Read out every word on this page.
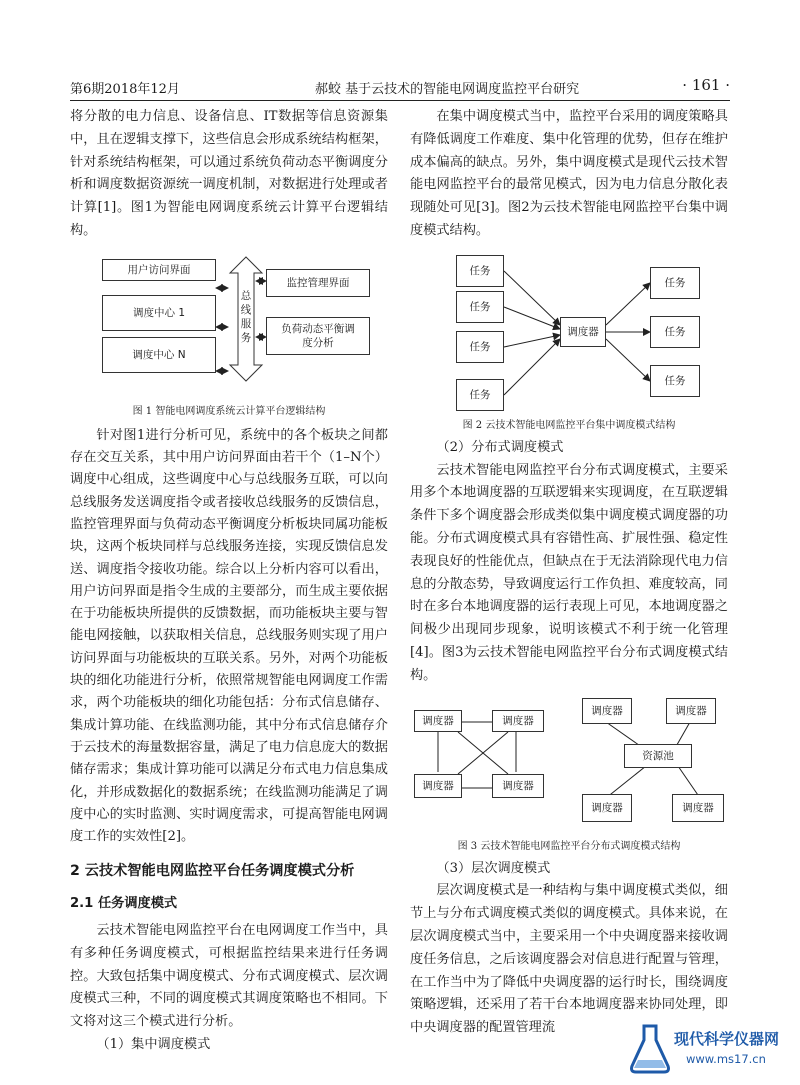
第6期2018年12月	郝蛟 基于云技术的智能电网调度监控平台研究	· 161 ·

将分散的电力信息、设备信息、IT数据等信息资源集中，且在逻辑支撑下，这些信息会形成系统结构框架，针对系统结构框架，可以通过系统负荷动态平衡调度分析和调度数据资源统一调度机制，对数据进行处理或者计算[1]。图1为智能电网调度系统云计算平台逻辑结构。

用户访问界面
调度中心 1
调度中心 N
总
线
服
务
监控管理界面
负荷动态平衡调度分析
图 1 智能电网调度系统云计算平台逻辑结构

针对图1进行分析可见，系统中的各个板块之间都存在交互关系，其中用户访问界面由若干个（1–N个）调度中心组成，这些调度中心与总线服务互联，可以向总线服务发送调度指令或者接收总线服务的反馈信息，监控管理界面与负荷动态平衡调度分析板块同属功能板块，这两个板块同样与总线服务连接，实现反馈信息发送、调度指令接收功能。综合以上分析内容可以看出，用户访问界面是指令生成的主要部分，而生成主要依据在于功能板块所提供的反馈数据，而功能板块主要与智能电网接触，以获取相关信息，总线服务则实现了用户访问界面与功能板块的互联关系。另外，对两个功能板块的细化功能进行分析，依照常规智能电网调度工作需求，两个功能板块的细化功能包括：分布式信息储存、集成计算功能、在线监测功能，其中分布式信息储存介于云技术的海量数据容量，满足了电力信息庞大的数据储存需求；集成计算功能可以满足分布式电力信息集成化，并形成数据化的数据系统；在线监测功能满足了调度中心的实时监测、实时调度需求，可提高智能电网调度工作的实效性[2]。

2 云技术智能电网监控平台任务调度模式分析
2.1 任务调度模式

云技术智能电网监控平台在电网调度工作当中，具有多种任务调度模式，可根据监控结果来进行任务调控。大致包括集中调度模式、分布式调度模式、层次调度模式三种，不同的调度模式其调度策略也不相同。下文将对这三个模式进行分析。

（1）集中调度模式

在集中调度模式当中，监控平台采用的调度策略具有降低调度工作难度、集中化管理的优势，但存在维护成本偏高的缺点。另外，集中调度模式是现代云技术智能电网监控平台的最常见模式，因为电力信息分散化表现随处可见[3]。图2为云技术智能电网监控平台集中调度模式结构。

任务
任务
任务
任务
调度器
任务
任务
任务
图 2 云技术智能电网监控平台集中调度模式结构

（2）分布式调度模式

云技术智能电网监控平台分布式调度模式，主要采用多个本地调度器的互联逻辑来实现调度，在互联逻辑条件下多个调度器会形成类似集中调度模式调度器的功能。分布式调度模式具有容错性高、扩展性强、稳定性表现良好的性能优点，但缺点在于无法消除现代电力信息的分散态势，导致调度运行工作负担、难度较高，同时在多台本地调度器的运行表现上可见，本地调度器之间极少出现同步现象，说明该模式不利于统一化管理[4]。图3为云技术智能电网监控平台分布式调度模式结构。

调度器	调度器
调度器	调度器
调度器	调度器
资源池
调度器	调度器
图 3 云技术智能电网监控平台分布式调度模式结构

（3）层次调度模式

层次调度模式是一种结构与集中调度模式类似，细节上与分布式调度模式类似的调度模式。具体来说，在层次调度模式当中，主要采用一个中央调度器来接收调度任务信息，之后该调度器会对信息进行配置与管理，在工作当中为了降低中央调度器的运行时长，围绕调度策略逻辑，还采用了若干台本地调度器来协同处理，即中央调度器的配置管理流

现代科学仪器网
www.ms17.cn
